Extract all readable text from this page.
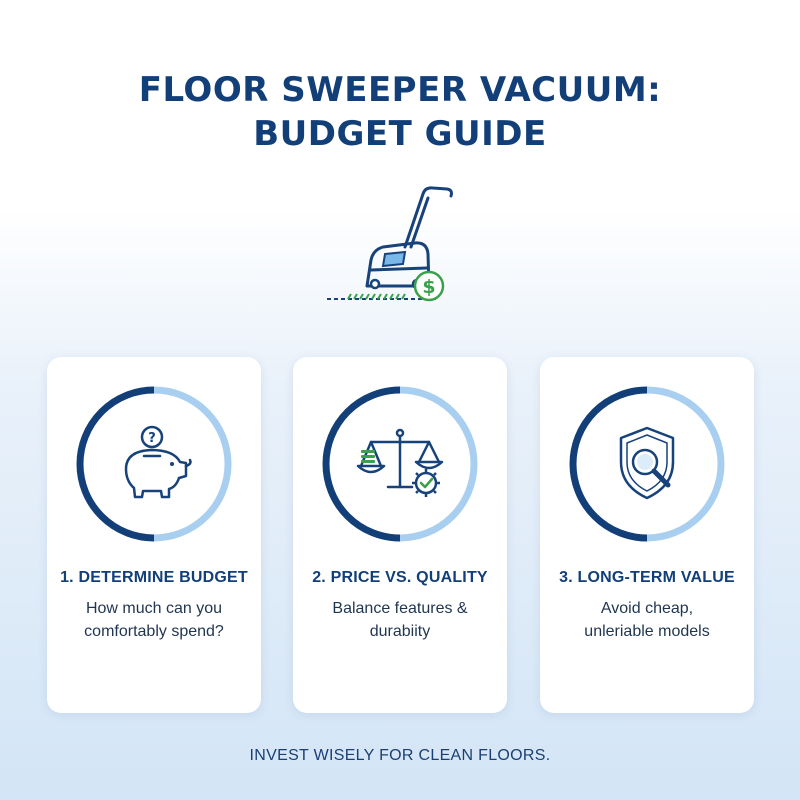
FLOOR SWEEPER VACUUM:
BUDGET GUIDE
$
?
1. DETERMINE BUDGET
How much can you
comfortably spend?
2. PRICE VS. QUALITY
Balance features &
durabiity
3. LONG-TERM VALUE
Avoid cheap,
unleriable models
INVEST WISELY FOR CLEAN FLOORS.
